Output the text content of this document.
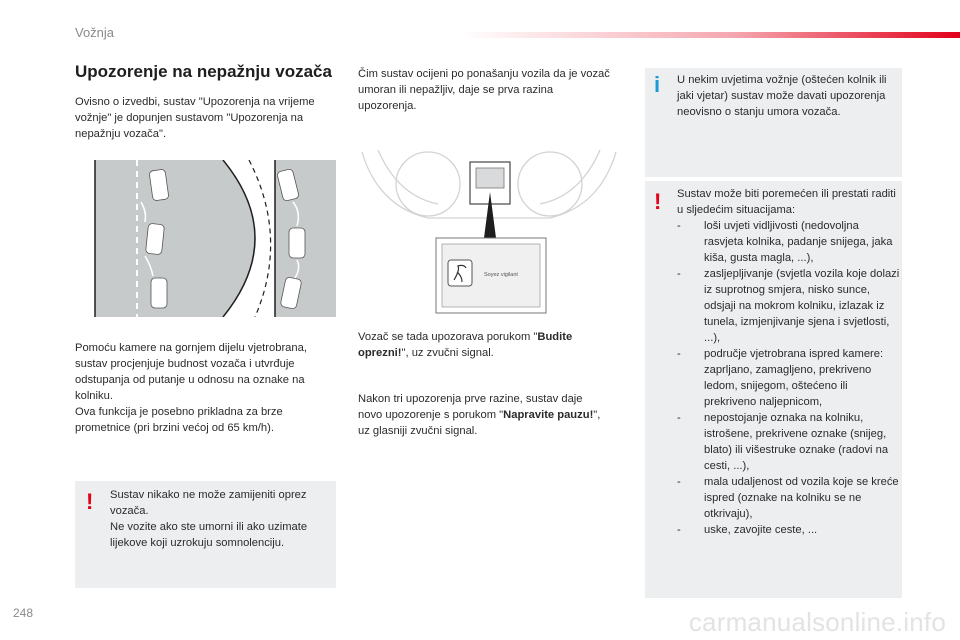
Vožnja
Upozorenje na nepažnju vozača

Ovisno o izvedbi, sustav "Upozorenja na vrijeme vožnje" je dopunjen sustavom "Upozorenja na nepažnju vozača".

Pomoću kamere na gornjem dijelu vjetrobrana, sustav procjenjuje budnost vozača i utvrđuje odstupanja od putanje u odnosu na oznake na kolniku.

Ova funkcija je posebno prikladna za brze prometnice (pri brzini većoj od 65 km/h).

! Sustav nikako ne može zamijeniti oprez vozača.
Ne vozite ako ste umorni ili ako uzimate lijekove koji uzrokuju somnolenciju.

Čim sustav ocijeni po ponašanju vozila da je vozač umoran ili nepažljiv, daje se prva razina upozorenja.

Soyez vigilant

Vozač se tada upozorava porukom "Budite oprezni!", uz zvučni signal.

Nakon tri upozorenja prve razine, sustav daje novo upozorenje s porukom "Napravite pauzu!", uz glasniji zvučni signal.

i U nekim uvjetima vožnje (oštećen kolnik ili jaki vjetar) sustav može davati upozorenja neovisno o stanju umora vozača.
! Sustav može biti poremećen ili prestati raditi u sljedećim situacijama:
- loši uvjeti vidljivosti (nedovoljna rasvjeta kolnika, padanje snijega, jaka kiša, gusta magla, ...),
- zasljepljivanje (svjetla vozila koje dolazi iz suprotnog smjera, nisko sunce, odsjaji na mokrom kolniku, izlazak iz tunela, izmjenjivanje sjena i svjetlosti, ...),
- područje vjetrobrana ispred kamere: zaprljano, zamagljeno, prekriveno ledom, snijegom, oštećeno ili prekriveno naljepnicom,
- nepostojanje oznaka na kolniku, istrošene, prekrivene oznake (snijeg, blato) ili višestruke oznake (radovi na cesti, ...),
- mala udaljenost od vozila koje se kreće ispred (oznake na kolniku se ne otkrivaju),
- uske, zavojite ceste, ...
248	carmanualsonline.info
